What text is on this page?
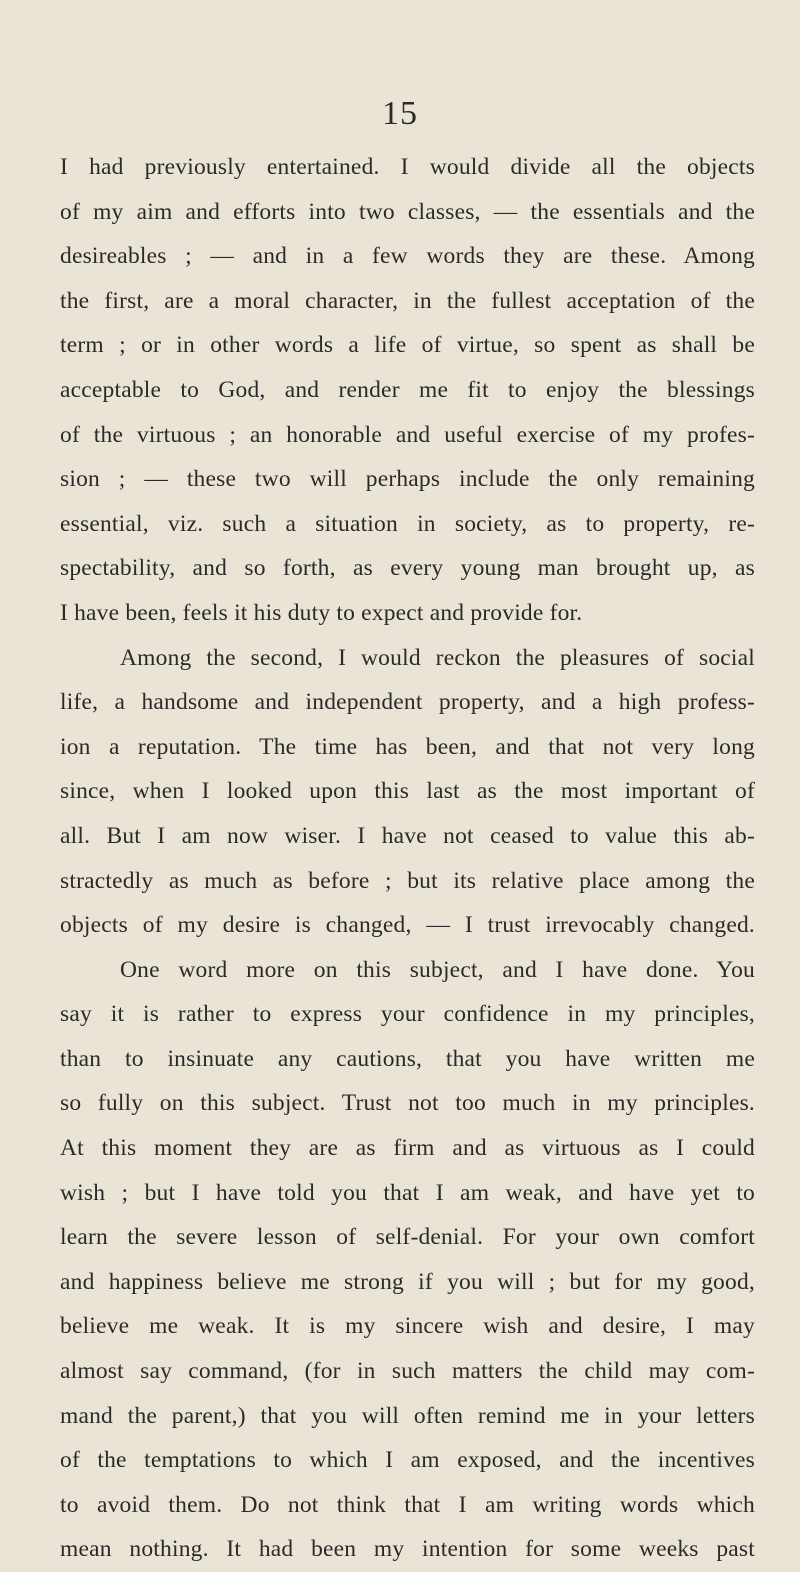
15
I had previously entertained. I would divide all the objects
of my aim and efforts into two classes, — the essentials and the
desireables ; — and in a few words they are these. Among
the first, are a moral character, in the fullest acceptation of the
term ; or in other words a life of virtue, so spent as shall be
acceptable to God, and render me fit to enjoy the blessings
of the virtuous ; an honorable and useful exercise of my profes-
sion ; — these two will perhaps include the only remaining
essential, viz. such a situation in society, as to property, re-
spectability, and so forth, as every young man brought up, as
I have been, feels it his duty to expect and provide for.
Among the second, I would reckon the pleasures of social
life, a handsome and independent property, and a high profess-
ion a reputation. The time has been, and that not very long
since, when I looked upon this last as the most important of
all. But I am now wiser. I have not ceased to value this ab-
stractedly as much as before ; but its relative place among the
objects of my desire is changed, — I trust irrevocably changed.
One word more on this subject, and I have done. You
say it is rather to express your confidence in my principles,
than to insinuate any cautions, that you have written me
so fully on this subject. Trust not too much in my principles.
At this moment they are as firm and as virtuous as I could
wish ; but I have told you that I am weak, and have yet to
learn the severe lesson of self-denial. For your own comfort
and happiness believe me strong if you will ; but for my good,
believe me weak. It is my sincere wish and desire, I may
almost say command, (for in such matters the child may com-
mand the parent,) that you will often remind me in your letters
of the temptations to which I am exposed, and the incentives
to avoid them. Do not think that I am writing words which
mean nothing. It had been my intention for some weeks past
